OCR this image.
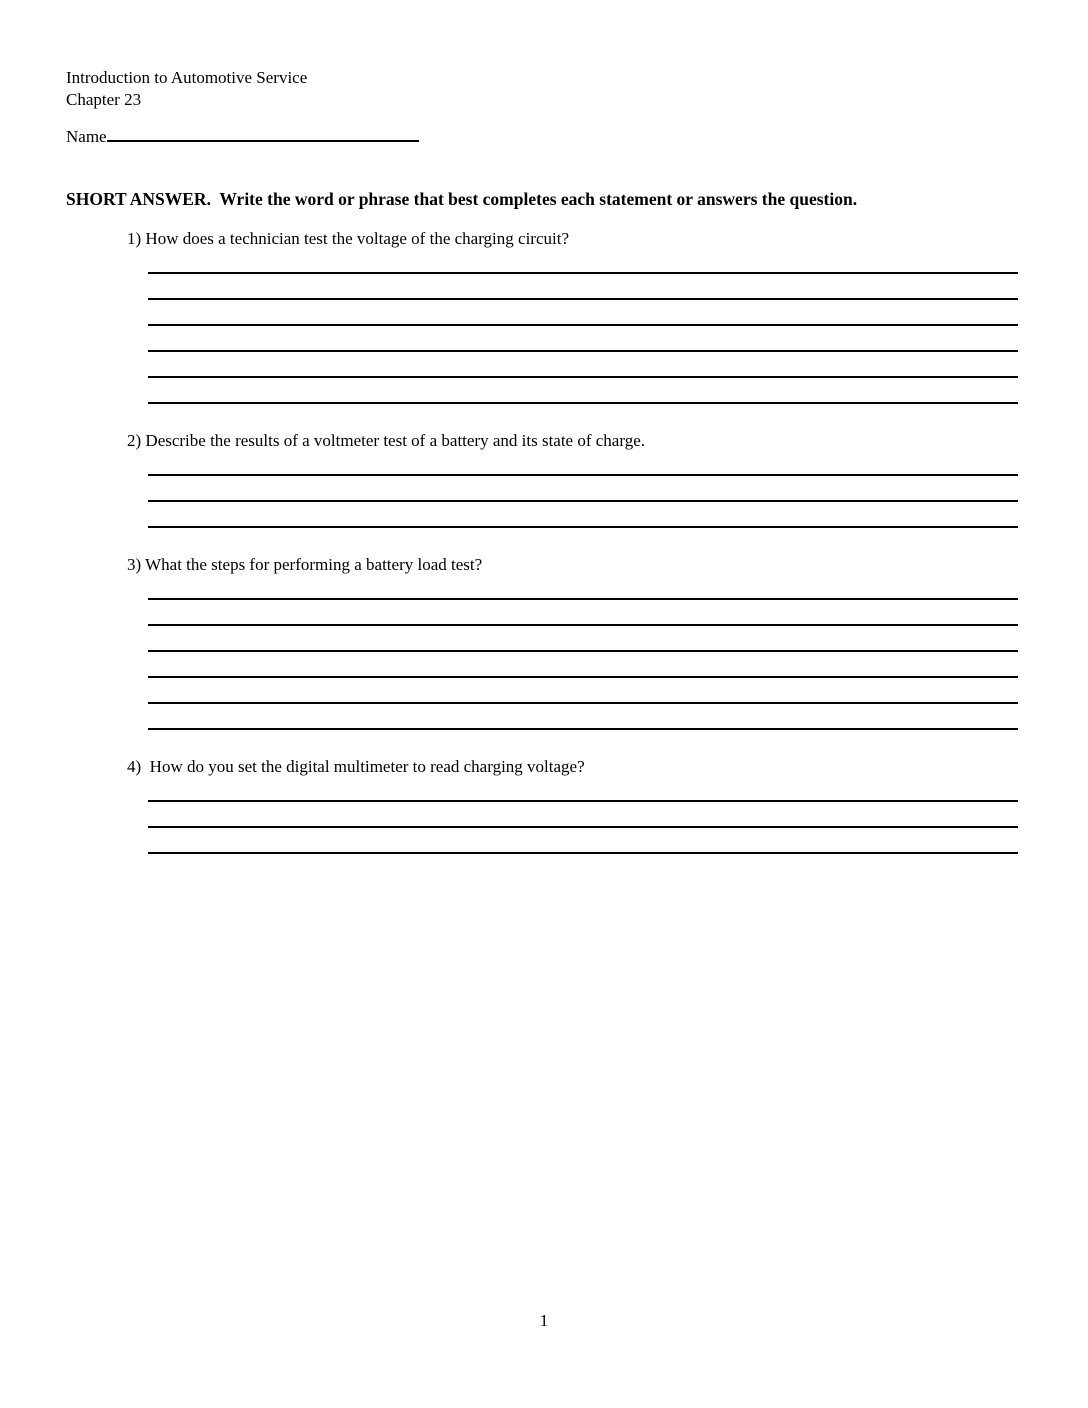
Introduction to Automotive Service
Chapter 23
Name
SHORT ANSWER.  Write the word or phrase that best completes each statement or answers the question.
1) How does a technician test the voltage of the charging circuit?
2) Describe the results of a voltmeter test of a battery and its state of charge.
3) What the steps for performing a battery load test?
4)  How do you set the digital multimeter to read charging voltage?
1
